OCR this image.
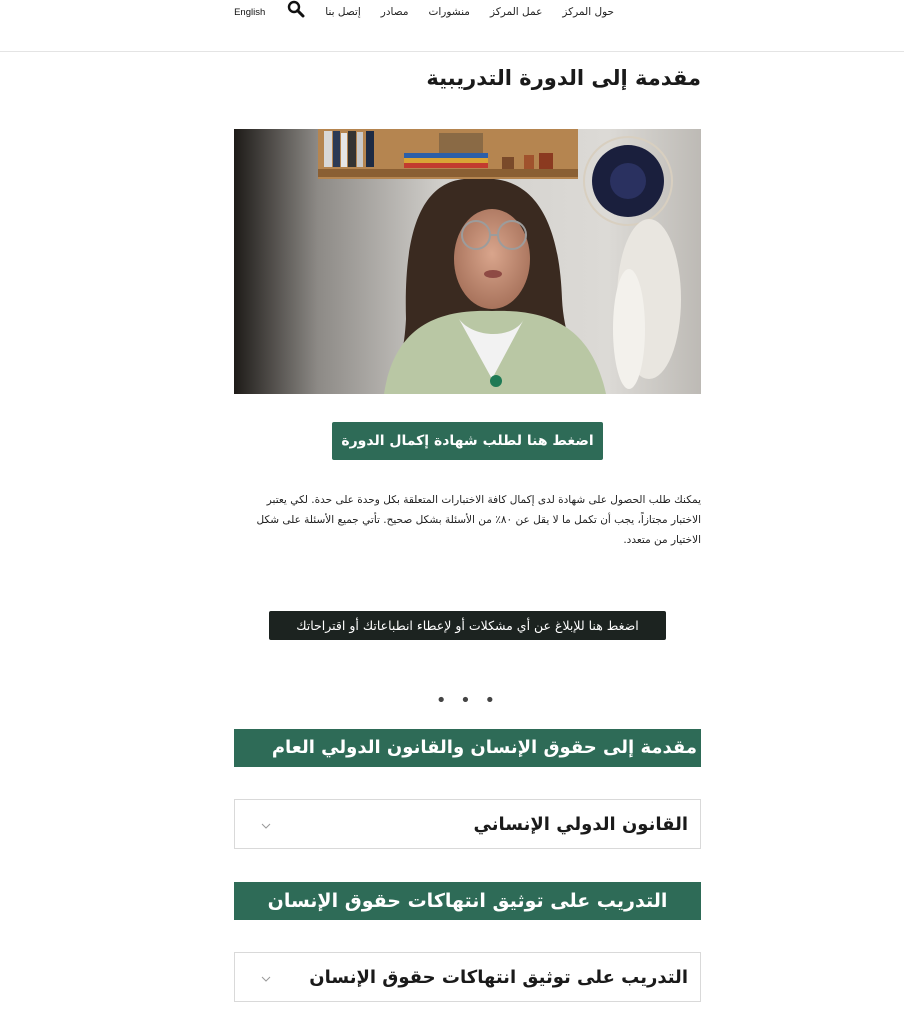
حول المركز
عمل المركز
منشورات
مصادر
إتصل بنا
English
مقدمة إلى الدورة التدريبية
اضغط هنا لطلب شهادة إكمال الدورة

يمكنك طلب الحصول على شهادة لدى إكمال كافة الاختبارات المتعلقة بكل وحدة على حدة. لكي يعتبر الاختبار مجتازاً، يجب أن تكمل ما لا يقل عن ٨٠٪ من الأسئلة بشكل صحيح. تأتي جميع الأسئلة على شكل الاختيار من متعدد.

اضغط هنا للإبلاغ عن أي مشكلات أو لإعطاء انطباعاتك أو اقتراحاتك
• • •
مقدمة إلى حقوق الإنسان والقانون الدولي العام
القانون الدولي الإنساني
التدريب على توثيق انتهاكات حقوق الإنسان
التدريب على توثيق انتهاكات حقوق الإنسان
